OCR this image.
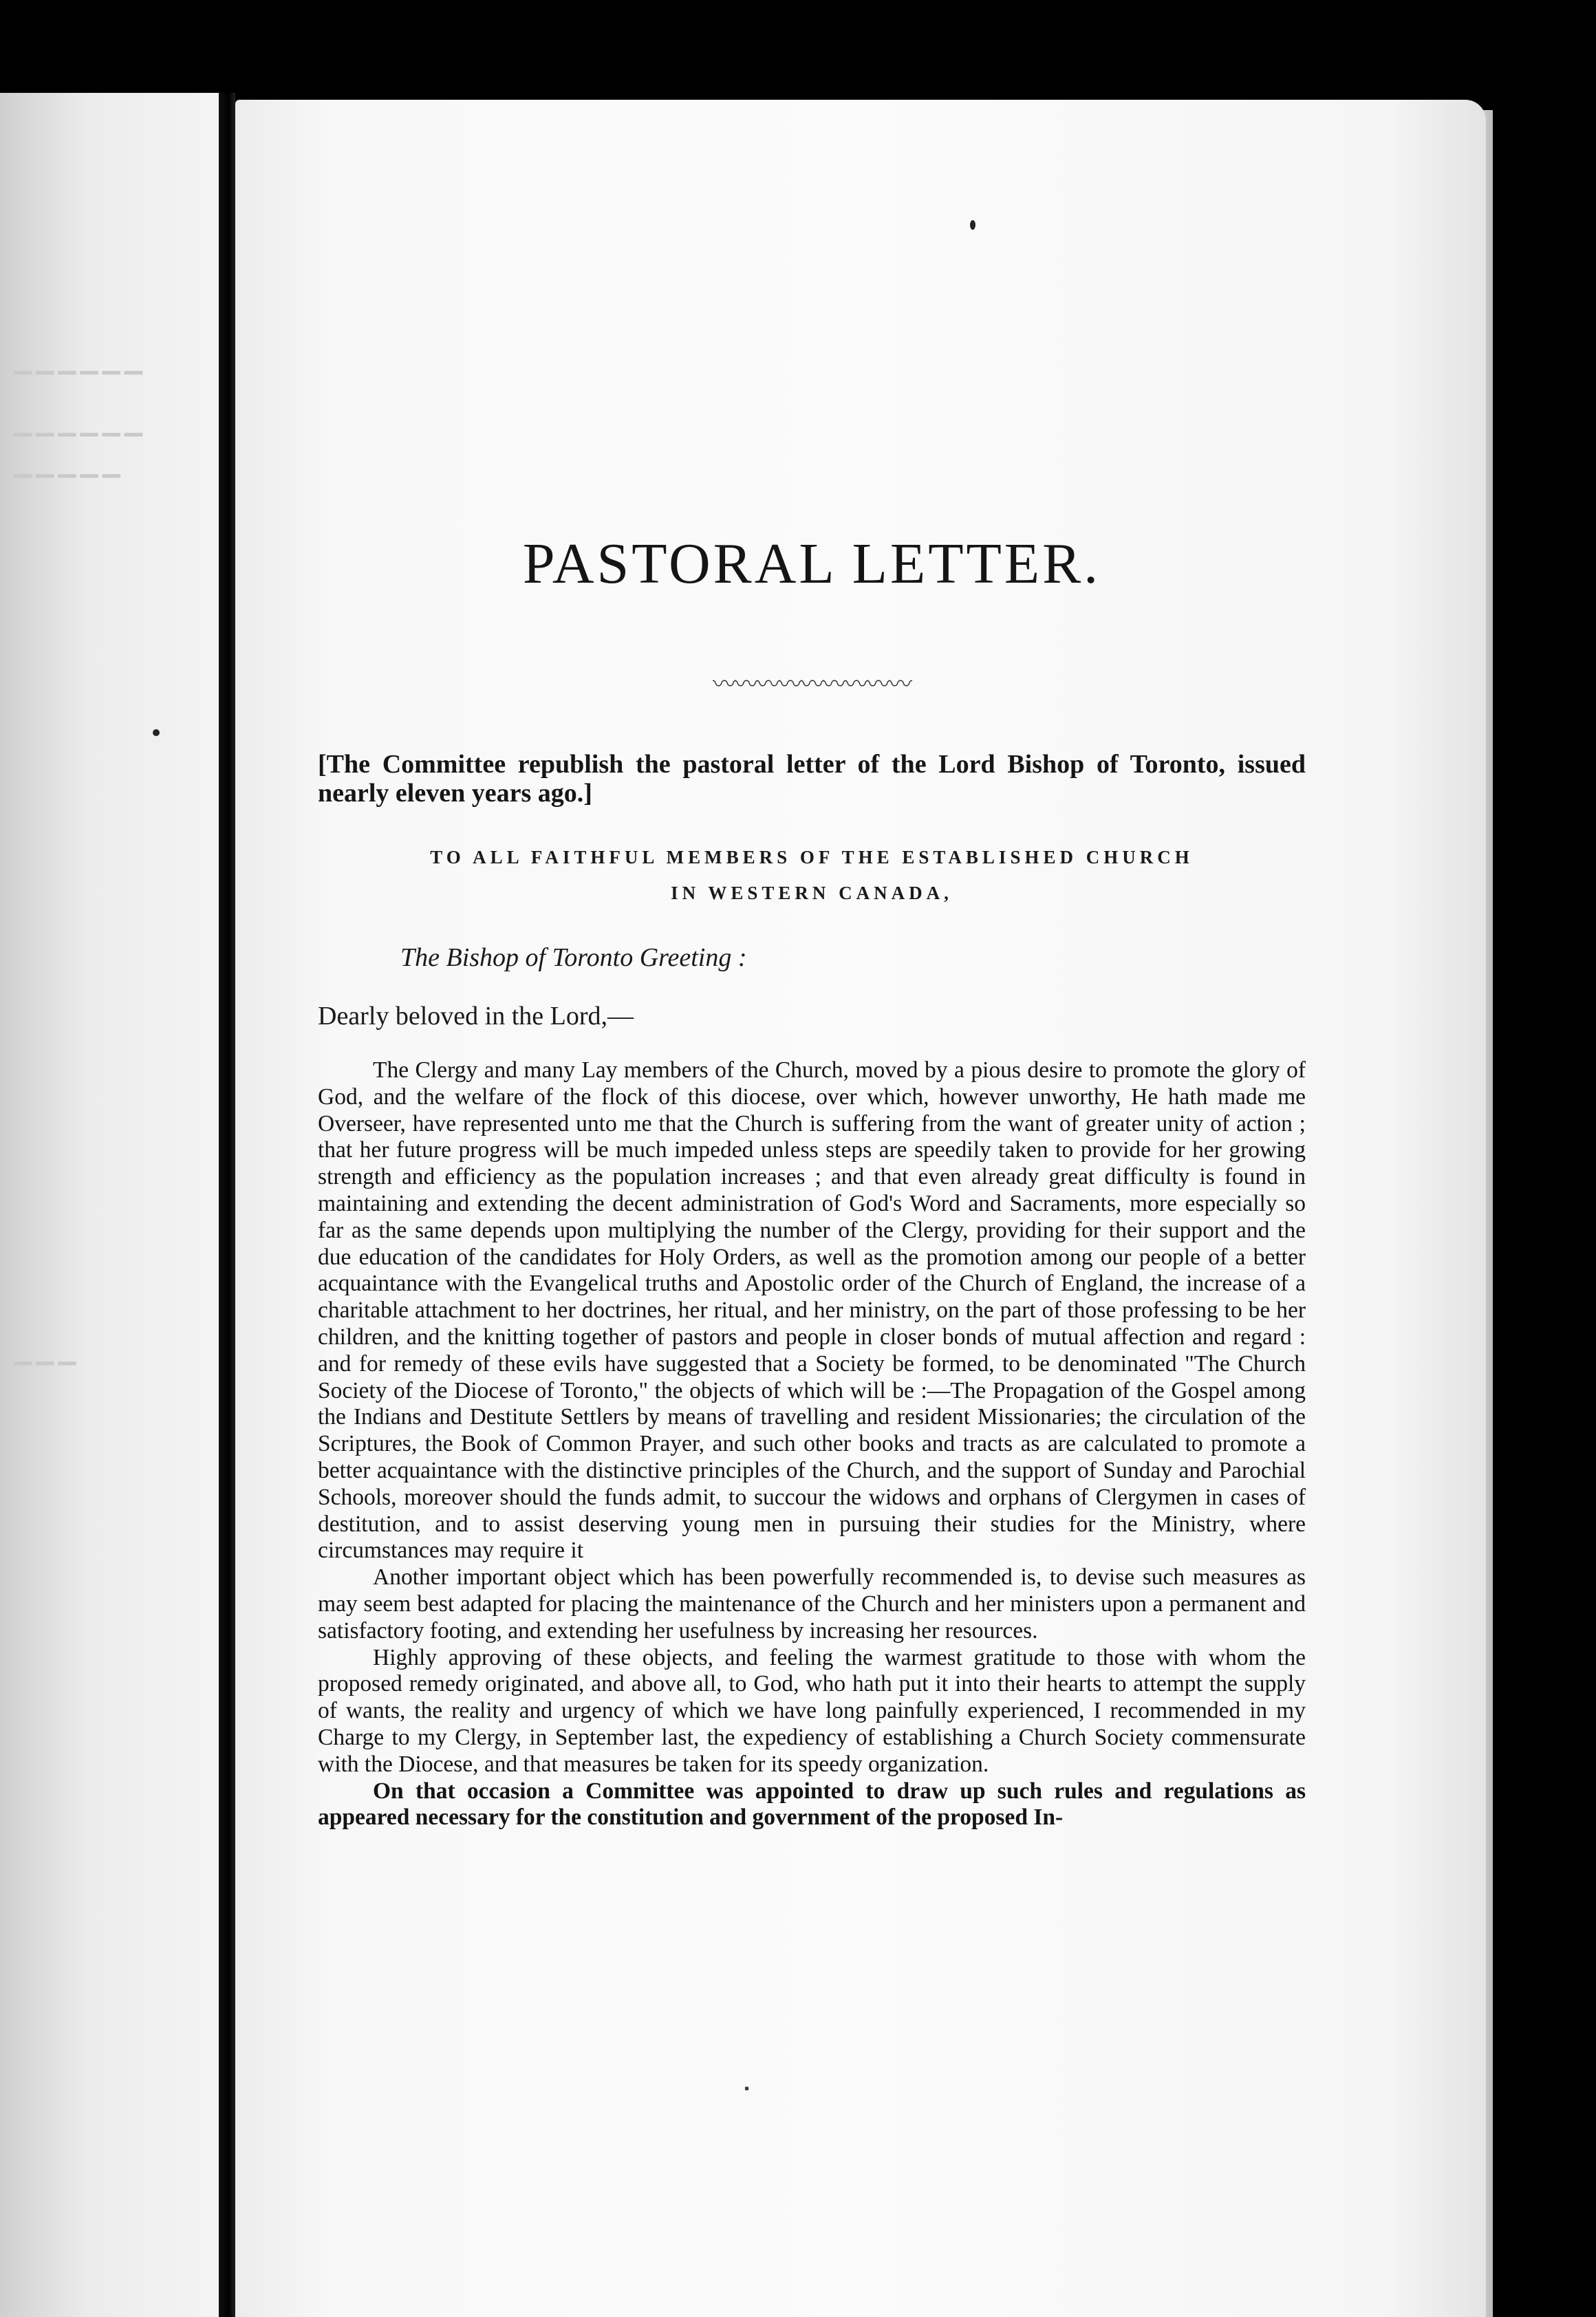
▔▔▔▔▔▔
▁▁▁▁▁▁
▁▁▁▁▁
▁▁▁
PASTORAL LETTER.
〰〰〰〰〰〰〰〰〰
[The Committee republish the pastoral letter of the Lord Bishop of Toronto, issued nearly eleven years ago.]
TO ALL FAITHFUL MEMBERS OF THE ESTABLISHED CHURCH
IN WESTERN CANADA,
The Bishop of Toronto Greeting :
Dearly beloved in the Lord,—

The Clergy and many Lay members of the Church, moved by a pious desire to promote the glory of God, and the welfare of the flock of this diocese, over which, however unworthy, He hath made me Overseer, have represented unto me that the Church is suffering from the want of greater unity of action ; that her future progress will be much impeded unless steps are speedily taken to provide for her growing strength and efficiency as the population increases ; and that even already great difficulty is found in maintaining and extending the decent administration of God's Word and Sacraments, more especially so far as the same depends upon multiplying the number of the Clergy, providing for their support and the due education of the candidates for Holy Orders, as well as the promotion among our people of a better acquaintance with the Evangelical truths and Apostolic order of the Church of England, the increase of a charitable attachment to her doctrines, her ritual, and her ministry, on the part of those professing to be her children, and the knitting together of pastors and people in closer bonds of mutual affection and regard : and for remedy of these evils have suggested that a Society be formed, to be denominated "The Church Society of the Diocese of Toronto," the objects of which will be :—The Propagation of the Gospel among the Indians and Destitute Settlers by means of travelling and resident Missionaries; the circulation of the Scriptures, the Book of Common Prayer, and such other books and tracts as are calculated to promote a better acquaintance with the distinctive principles of the Church, and the support of Sunday and Parochial Schools, moreover should the funds admit, to succour the widows and orphans of Clergymen in cases of destitution, and to assist deserving young men in pursuing their studies for the Ministry, where circumstances may require it

Another important object which has been powerfully recommended is, to devise such measures as may seem best adapted for placing the maintenance of the Church and her ministers upon a permanent and satisfactory footing, and extending her usefulness by increasing her resources.

Highly approving of these objects, and feeling the warmest gratitude to those with whom the proposed remedy originated, and above all, to God, who hath put it into their hearts to attempt the supply of wants, the reality and urgency of which we have long painfully experienced, I recommended in my Charge to my Clergy, in September last, the expediency of establishing a Church Society commensurate with the Diocese, and that measures be taken for its speedy organization.

On that occasion a Committee was appointed to draw up such rules and regulations as appeared necessary for the constitution and government of the proposed In-

▪
